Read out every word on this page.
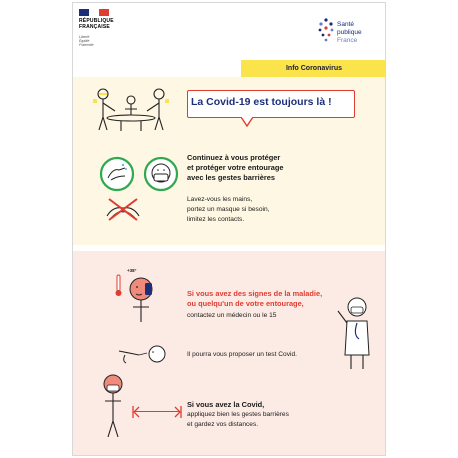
RÉPUBLIQUE
FRANÇAISE
Liberté
Égalité
Fraternité
Santé
publique
France
Info Coronavirus
La Covid-19 est toujours là !
Continuez à vous protéger
et protéger votre entourage
avec les gestes barrières
Lavez-vous les mains,
portez un masque si besoin,
limitez les contacts.
+38°
Si vous avez des signes de la maladie,
ou quelqu'un de votre entourage,
contactez un médecin ou le 15
Il pourra vous proposer un test Covid.
Si vous avez la Covid,
appliquez bien les gestes barrières
et gardez vos distances.
